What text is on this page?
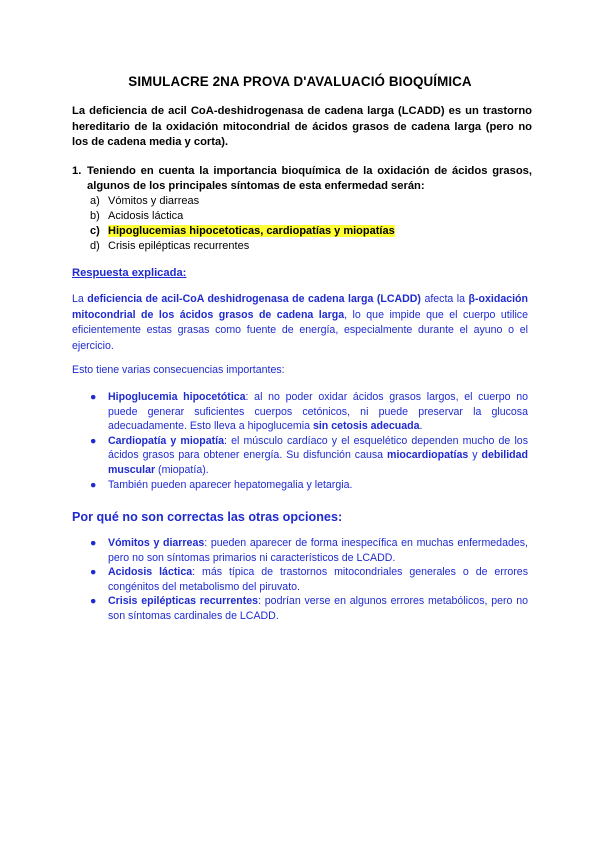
SIMULACRE 2NA PROVA D'AVALUACIÓ BIOQUÍMICA
La deficiencia de acil CoA-deshidrogenasa de cadena larga (LCADD) es un trastorno hereditario de la oxidación mitocondrial de ácidos grasos de cadena larga (pero no los de cadena media y corta).
1. Teniendo en cuenta la importancia bioquímica de la oxidación de ácidos grasos, algunos de los principales síntomas de esta enfermedad serán:
a) Vómitos y diarreas
b) Acidosis láctica
c) Hipoglucemias hipocetoticas, cardiopatías y miopatías
d) Crisis epilépticas recurrentes
Respuesta explicada:
La deficiencia de acil-CoA deshidrogenasa de cadena larga (LCADD) afecta la β-oxidación mitocondrial de los ácidos grasos de cadena larga, lo que impide que el cuerpo utilice eficientemente estas grasas como fuente de energía, especialmente durante el ayuno o el ejercicio.
Esto tiene varias consecuencias importantes:
● Hipoglucemia hipocetótica: al no poder oxidar ácidos grasos largos, el cuerpo no puede generar suficientes cuerpos cetónicos, ni puede preservar la glucosa adecuadamente. Esto lleva a hipoglucemia sin cetosis adecuada.
● Cardiopatía y miopatía: el músculo cardíaco y el esquelético dependen mucho de los ácidos grasos para obtener energía. Su disfunción causa miocardiopatías y debilidad muscular (miopatía).
● También pueden aparecer hepatomegalia y letargia.
Por qué no son correctas las otras opciones:
● Vómitos y diarreas: pueden aparecer de forma inespecífica en muchas enfermedades, pero no son síntomas primarios ni característicos de LCADD.
● Acidosis láctica: más típica de trastornos mitocondriales generales o de errores congénitos del metabolismo del piruvato.
● Crisis epilépticas recurrentes: podrían verse en algunos errores metabólicos, pero no son síntomas cardinales de LCADD.
